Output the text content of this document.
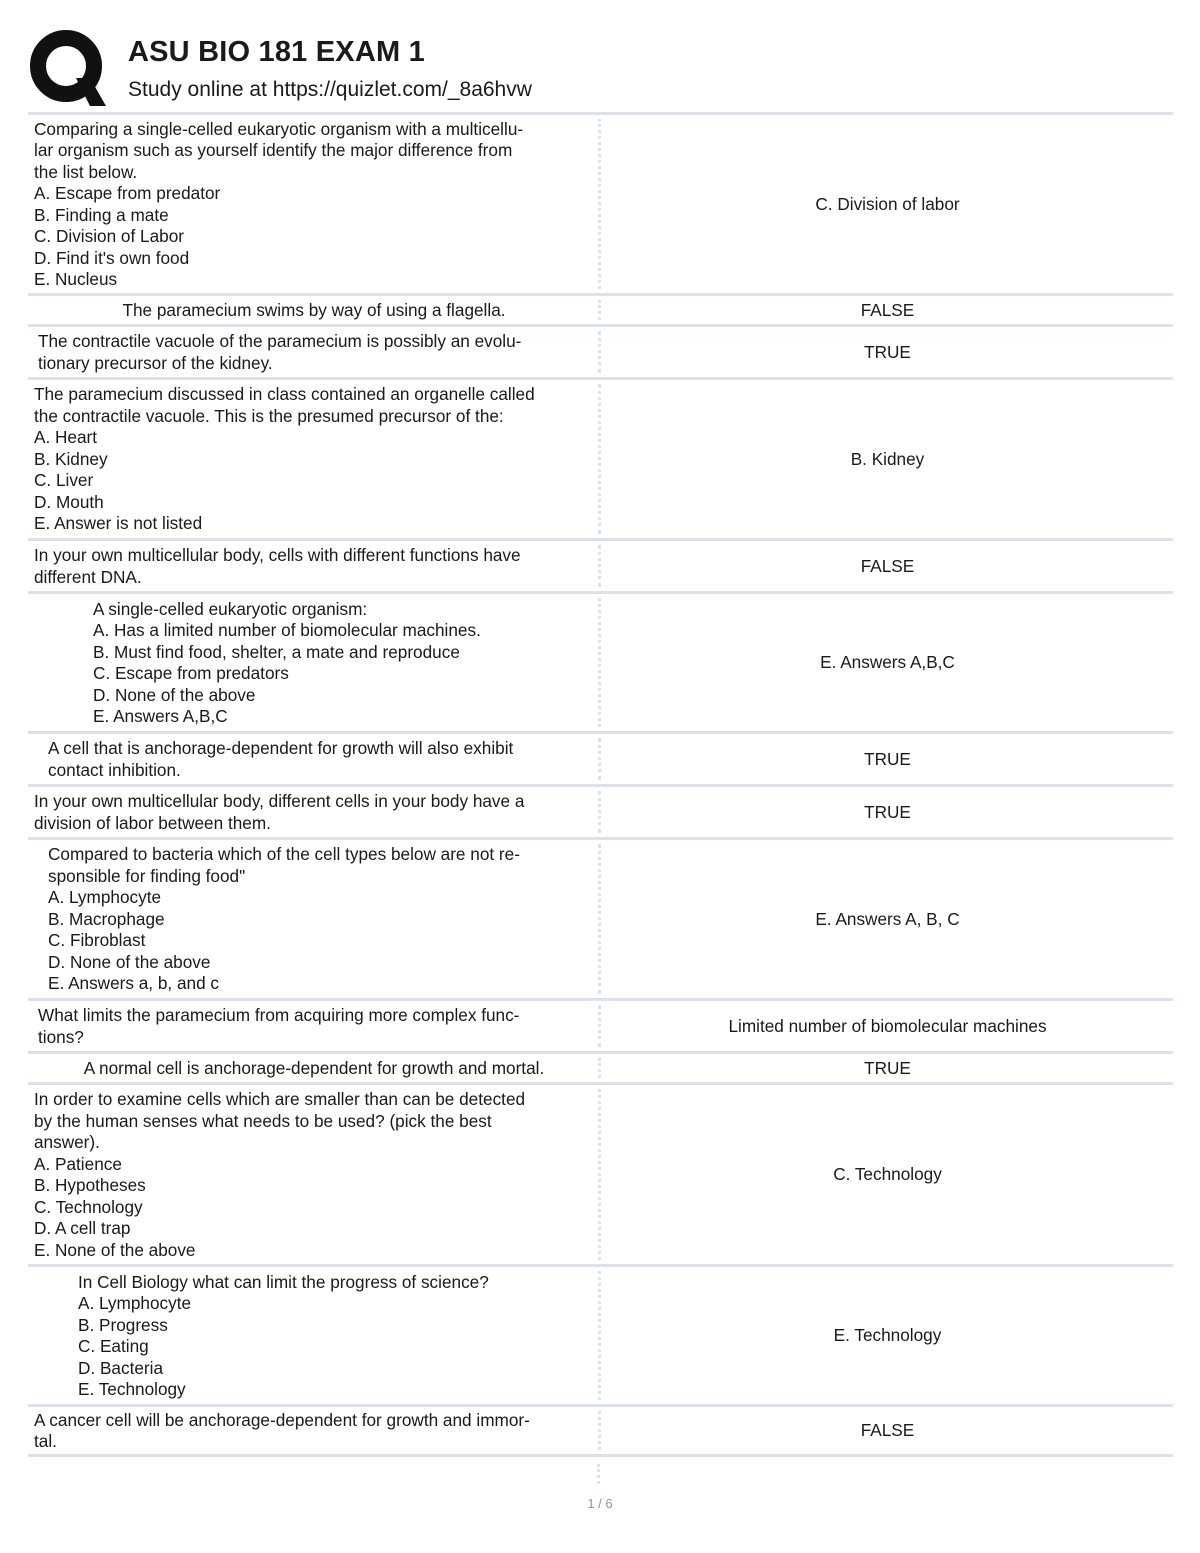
ASU BIO 181 EXAM 1
Study online at https://quizlet.com/_8a6hvw

Comparing a single-celled eukaryotic organism with a multicellu-
lar organism such as yourself identify the major difference from
the list below.
A. Escape from predator
B. Finding a mate
C. Division of Labor
D. Find it's own food
E. Nucleus

C. Division of labor

The paramecium swims by way of using a flagella.	FALSE

The contractile vacuole of the paramecium is possibly an evolu-
tionary precursor of the kidney.

TRUE

The paramecium discussed in class contained an organelle called
the contractile vacuole. This is the presumed precursor of the:
A. Heart
B. Kidney
C. Liver
D. Mouth
E. Answer is not listed

B. Kidney

In your own multicellular body, cells with different functions have
different DNA.

FALSE

A single-celled eukaryotic organism:
A. Has a limited number of biomolecular machines.
B. Must find food, shelter, a mate and reproduce
C. Escape from predators
D. None of the above
E. Answers A,B,C

E. Answers A,B,C

A cell that is anchorage-dependent for growth will also exhibit
contact inhibition.

TRUE

In your own multicellular body, different cells in your body have a
division of labor between them.

TRUE

Compared to bacteria which of the cell types below are not re-
sponsible for finding food"
A. Lymphocyte
B. Macrophage
C. Fibroblast
D. None of the above
E. Answers a, b, and c

E. Answers A, B, C

What limits the paramecium from acquiring more complex func-
tions?

Limited number of biomolecular machines

A normal cell is anchorage-dependent for growth and mortal.	TRUE

In order to examine cells which are smaller than can be detected
by the human senses what needs to be used? (pick the best
answer).
A. Patience
B. Hypotheses
C. Technology
D. A cell trap
E. None of the above

C. Technology

In Cell Biology what can limit the progress of science?
A. Lymphocyte
B. Progress
C. Eating
D. Bacteria
E. Technology

E. Technology

A cancer cell will be anchorage-dependent for growth and immor-
tal.

FALSE
1 / 6
